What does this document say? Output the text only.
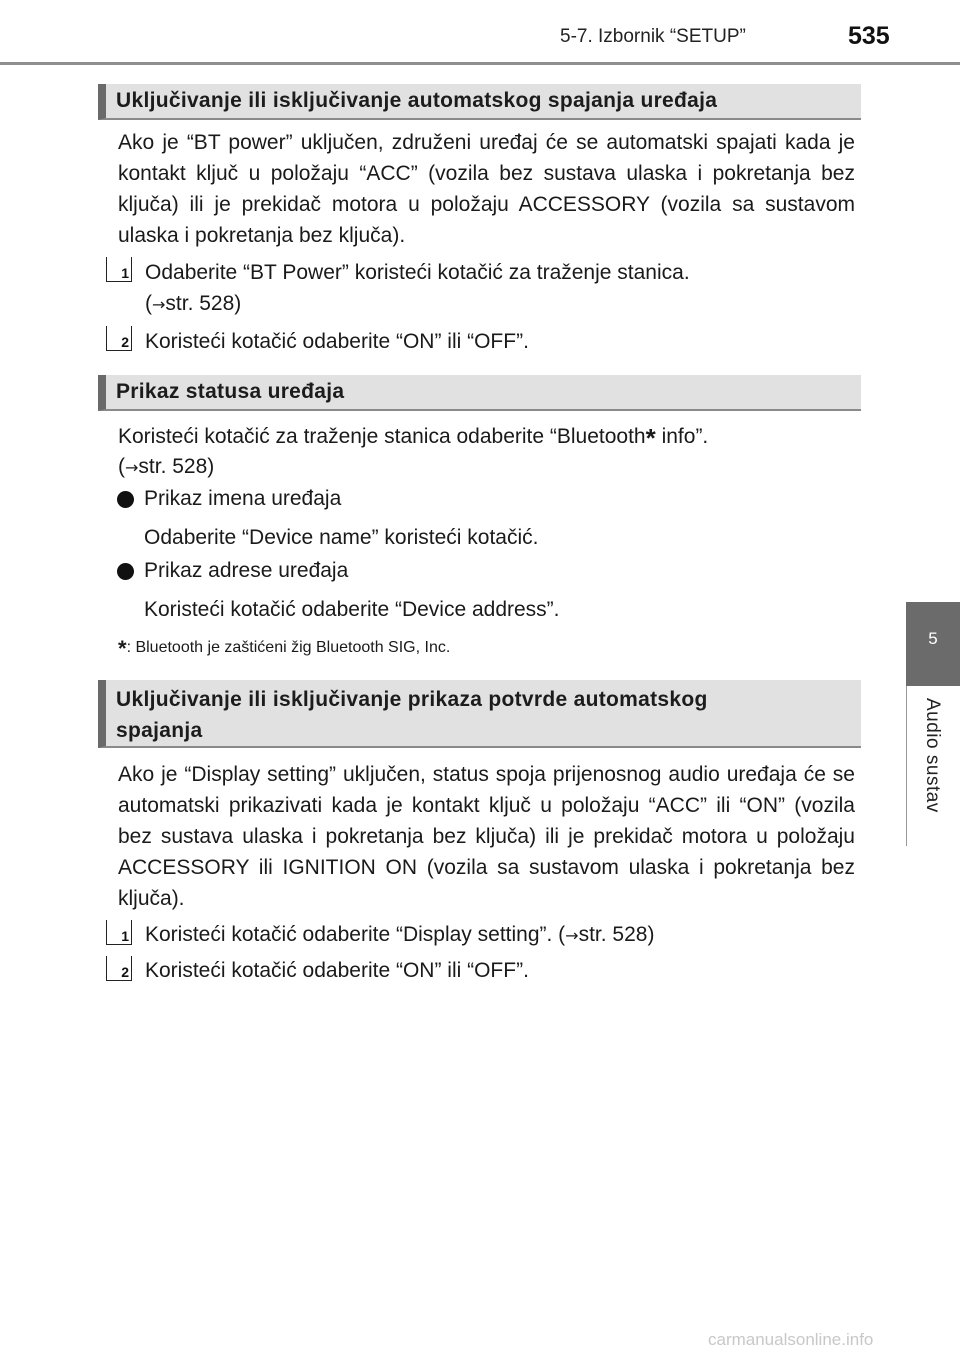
5-7. Izbornik “SETUP”	535
5
Audio sustav
Uključivanje ili isključivanje automatskog spajanja uređaja
Ako je “BT power” uključen, združeni uređaj će se automatski spajati kada je kontakt ključ u položaju “ACC” (vozila bez sustava ulaska i pokretanja bez ključa) ili je prekidač motora u položaju ACCESSORY (vozila sa sustavom ulaska i pokretanja bez ključa).
1 Odaberite “BT Power” koristeći kotačić za traženje stanica.
(→str. 528)
2 Koristeći kotačić odaberite “ON” ili “OFF”.
Prikaz statusa uređaja
Koristeći kotačić za traženje stanica odaberite “Bluetooth* info”.
(→str. 528)
Prikaz imena uređaja
Odaberite “Device name” koristeći kotačić.
Prikaz adrese uređaja
Koristeći kotačić odaberite “Device address”.
*: Bluetooth je zaštićeni žig Bluetooth SIG, Inc.
Uključivanje ili isključivanje prikaza potvrde automatskog
spajanja
Ako je “Display setting” uključen, status spoja prijenosnog audio uređaja će se automatski prikazivati kada je kontakt ključ u položaju “ACC” ili “ON” (vozila bez sustava ulaska i pokretanja bez ključa) ili je prekidač motora u položaju ACCESSORY ili IGNITION ON (vozila sa sustavom ulaska i pokretanja bez ključa).
1 Koristeći kotačić odaberite “Display setting”. (→str. 528)
2 Koristeći kotačić odaberite “ON” ili “OFF”.
carmanualsonline.info
